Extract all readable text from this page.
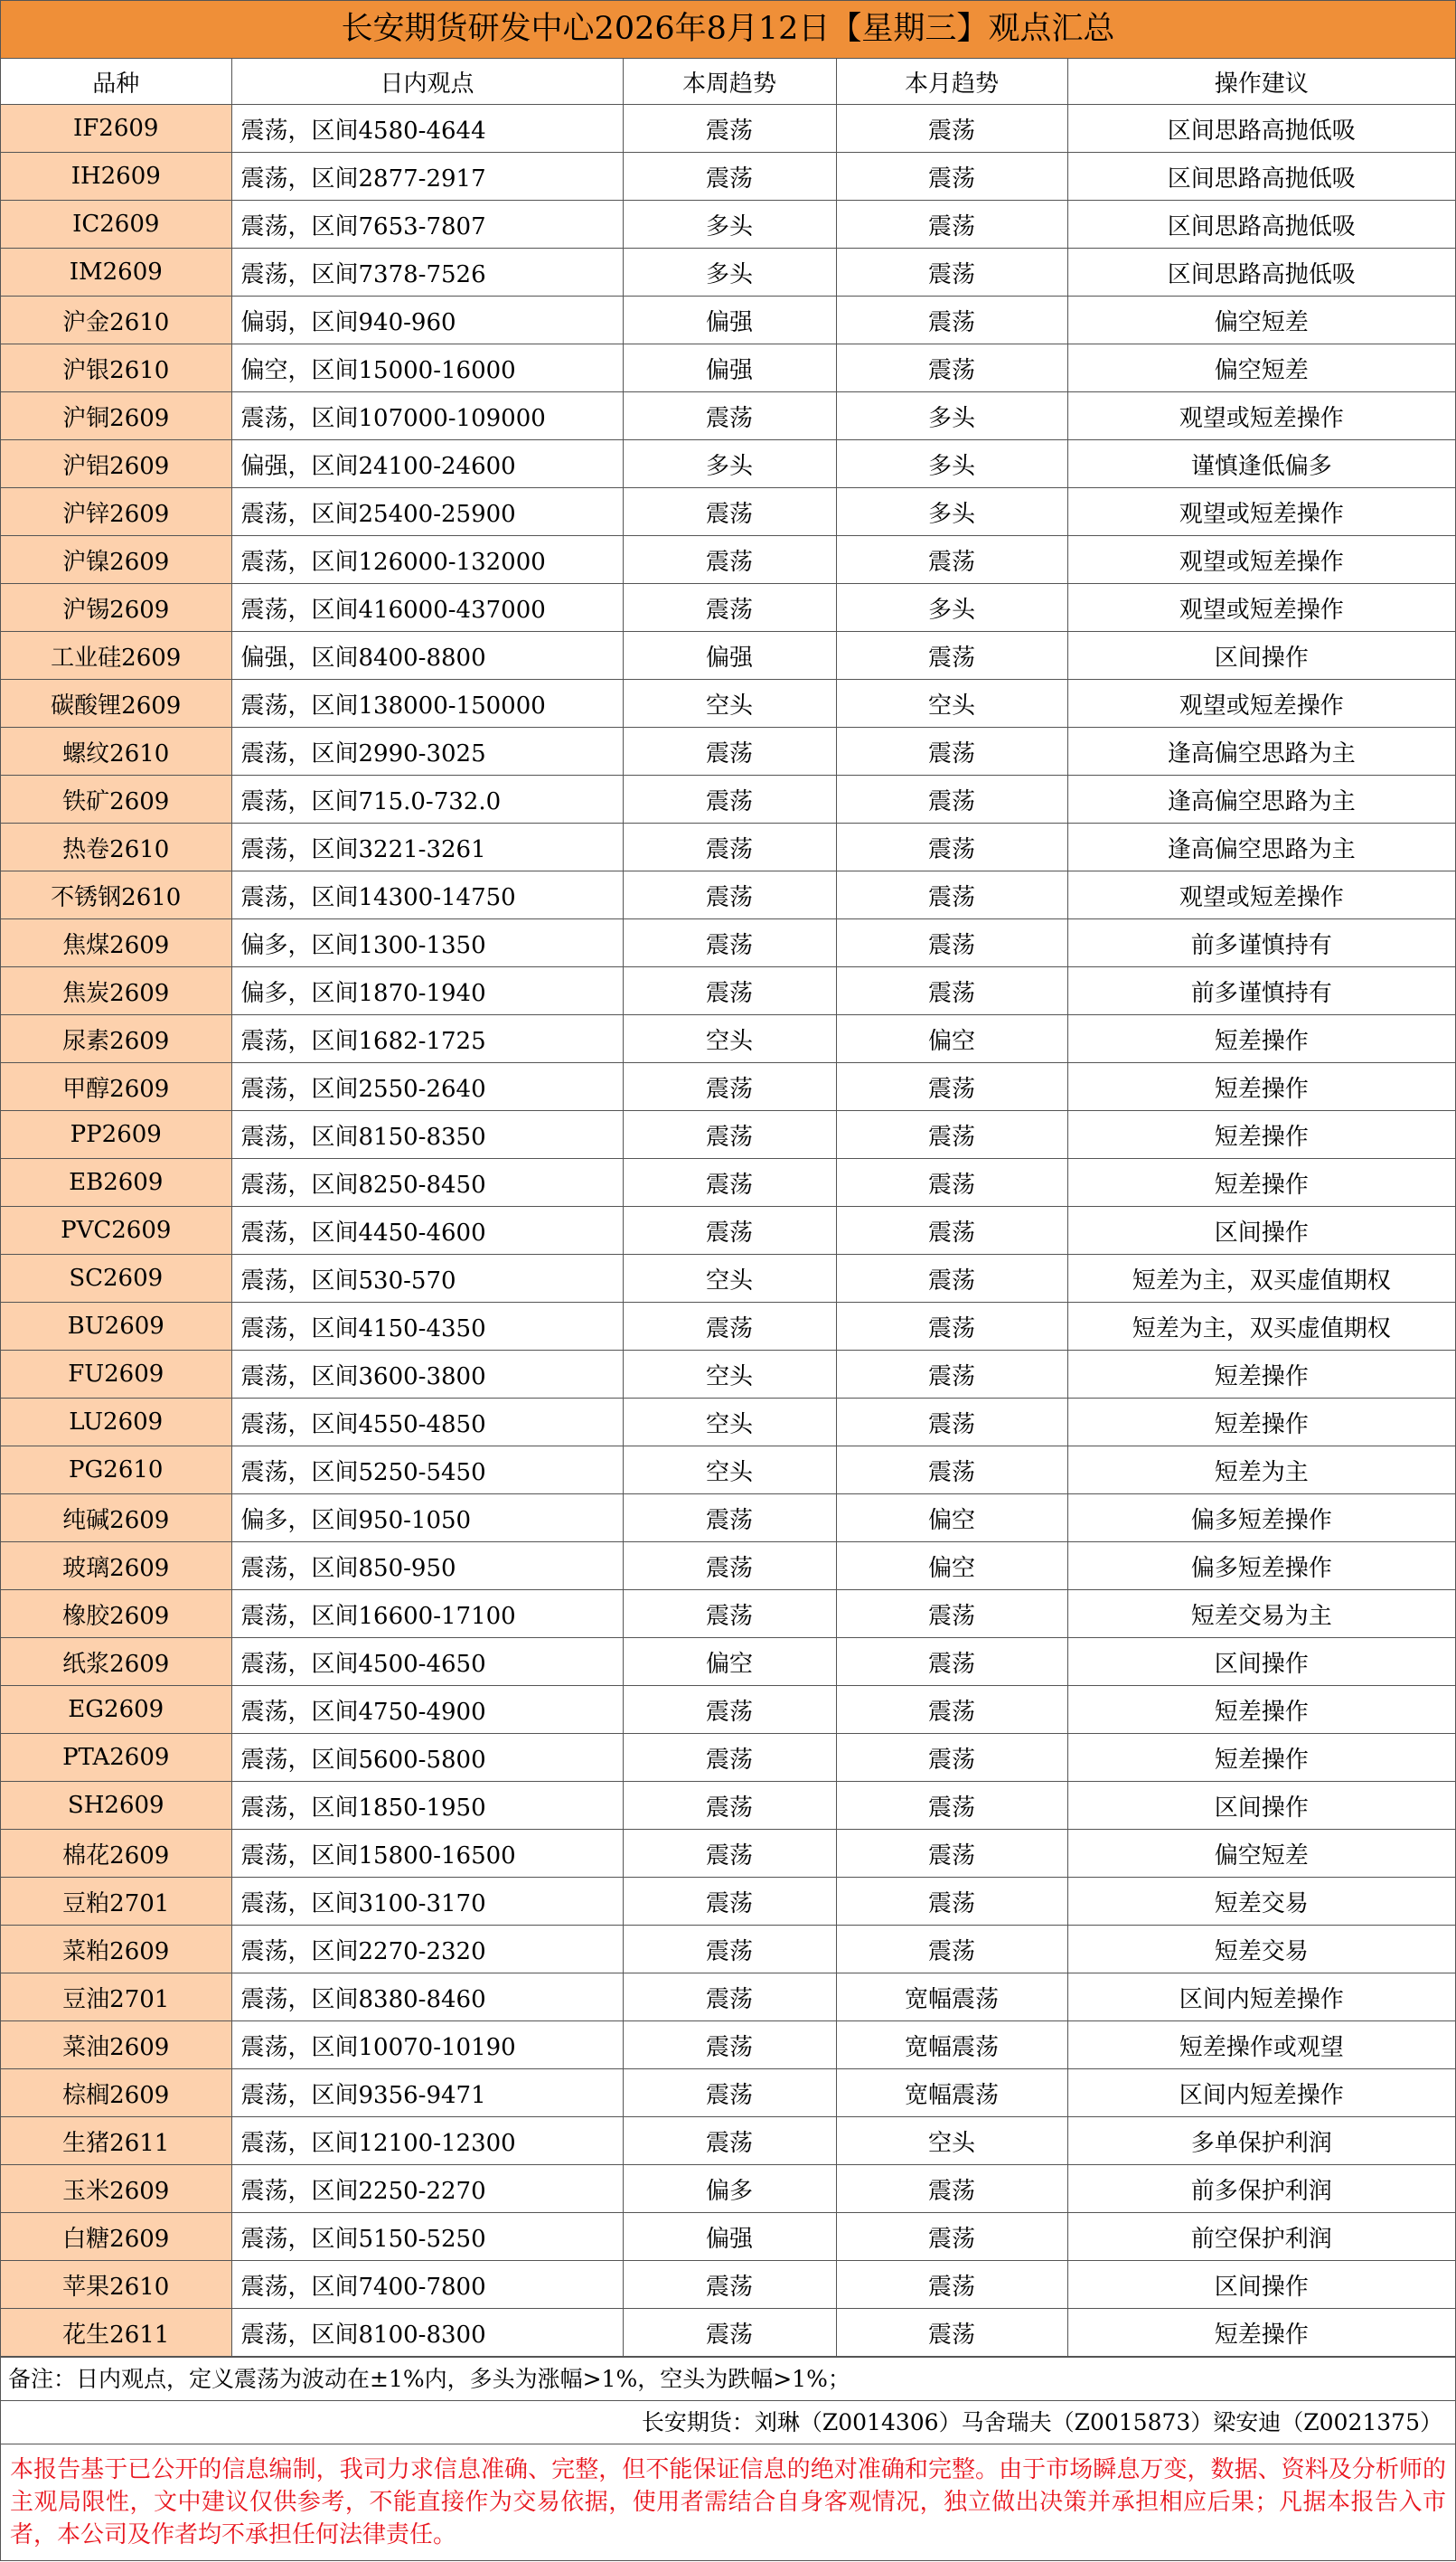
长安期货研发中心2026年8月12日【星期三】观点汇总
品种	日内观点	本周趋势	本月趋势	操作建议
IF2609	震荡，区间4580-4644	震荡	震荡	区间思路高抛低吸
IH2609	震荡，区间2877-2917	震荡	震荡	区间思路高抛低吸
IC2609	震荡，区间7653-7807	多头	震荡	区间思路高抛低吸
IM2609	震荡，区间7378-7526	多头	震荡	区间思路高抛低吸
沪金2610	偏弱，区间940-960	偏强	震荡	偏空短差
沪银2610	偏空，区间15000-16000	偏强	震荡	偏空短差
沪铜2609	震荡，区间107000-109000	震荡	多头	观望或短差操作
沪铝2609	偏强，区间24100-24600	多头	多头	谨慎逢低偏多
沪锌2609	震荡，区间25400-25900	震荡	多头	观望或短差操作
沪镍2609	震荡，区间126000-132000	震荡	震荡	观望或短差操作
沪锡2609	震荡，区间416000-437000	震荡	多头	观望或短差操作
工业硅2609	偏强，区间8400-8800	偏强	震荡	区间操作
碳酸锂2609	震荡，区间138000-150000	空头	空头	观望或短差操作
螺纹2610	震荡，区间2990-3025	震荡	震荡	逢高偏空思路为主
铁矿2609	震荡，区间715.0-732.0	震荡	震荡	逢高偏空思路为主
热卷2610	震荡，区间3221-3261	震荡	震荡	逢高偏空思路为主
不锈钢2610	震荡，区间14300-14750	震荡	震荡	观望或短差操作
焦煤2609	偏多，区间1300-1350	震荡	震荡	前多谨慎持有
焦炭2609	偏多，区间1870-1940	震荡	震荡	前多谨慎持有
尿素2609	震荡，区间1682-1725	空头	偏空	短差操作
甲醇2609	震荡，区间2550-2640	震荡	震荡	短差操作
PP2609	震荡，区间8150-8350	震荡	震荡	短差操作
EB2609	震荡，区间8250-8450	震荡	震荡	短差操作
PVC2609	震荡，区间4450-4600	震荡	震荡	区间操作
SC2609	震荡，区间530-570	空头	震荡	短差为主，双买虚值期权
BU2609	震荡，区间4150-4350	震荡	震荡	短差为主，双买虚值期权
FU2609	震荡，区间3600-3800	空头	震荡	短差操作
LU2609	震荡，区间4550-4850	空头	震荡	短差操作
PG2610	震荡，区间5250-5450	空头	震荡	短差为主
纯碱2609	偏多，区间950-1050	震荡	偏空	偏多短差操作
玻璃2609	震荡，区间850-950	震荡	偏空	偏多短差操作
橡胶2609	震荡，区间16600-17100	震荡	震荡	短差交易为主
纸浆2609	震荡，区间4500-4650	偏空	震荡	区间操作
EG2609	震荡，区间4750-4900	震荡	震荡	短差操作
PTA2609	震荡，区间5600-5800	震荡	震荡	短差操作
SH2609	震荡，区间1850-1950	震荡	震荡	区间操作
棉花2609	震荡，区间15800-16500	震荡	震荡	偏空短差
豆粕2701	震荡，区间3100-3170	震荡	震荡	短差交易
菜粕2609	震荡，区间2270-2320	震荡	震荡	短差交易
豆油2701	震荡，区间8380-8460	震荡	宽幅震荡	区间内短差操作
菜油2609	震荡，区间10070-10190	震荡	宽幅震荡	短差操作或观望
棕榈2609	震荡，区间9356-9471	震荡	宽幅震荡	区间内短差操作
生猪2611	震荡，区间12100-12300	震荡	空头	多单保护利润
玉米2609	震荡，区间2250-2270	偏多	震荡	前多保护利润
白糖2609	震荡，区间5150-5250	偏强	震荡	前空保护利润
苹果2610	震荡，区间7400-7800	震荡	震荡	区间操作
花生2611	震荡，区间8100-8300	震荡	震荡	短差操作
备注：日内观点，定义震荡为波动在±1%内，多头为涨幅>1%，空头为跌幅>1%；
长安期货：刘琳（Z0014306）马舍瑞夫（Z0015873）梁安迪（Z0021375）
本报告基于已公开的信息编制，我司力求信息准确、完整，但不能保证信息的绝对准确和完整。由于市场瞬息万变，数据、资料及分析师的主观局限性，文中建议仅供参考，不能直接作为交易依据，使用者需结合自身客观情况，独立做出决策并承担相应后果；凡据本报告入市者，本公司及作者均不承担任何法律责任。
